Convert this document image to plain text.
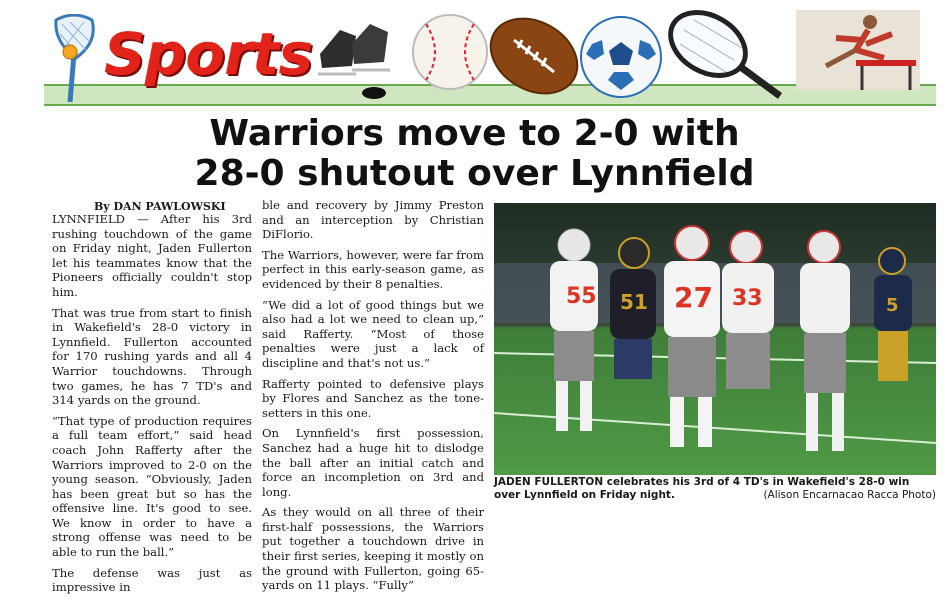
Sports
Warriors move to 2-0 with
28-0 shutout over Lynnfield
By DAN PAWLOWSKI

LYNNFIELD — After his 3rd rushing touchdown of the game on Friday night, Jaden Fullerton let his teammates know that the Pioneers officially couldn't stop him.

That was true from start to finish in Wakefield's 28-0 victory in Lynnfield. Fullerton accounted for 170 rushing yards and all 4 Warrior touchdowns. Through two games, he has 7 TD's and 314 yards on the ground.

“That type of production requires a full team effort,” said head coach John Rafferty after the Warriors improved to 2-0 on the young season. “Obviously, Jaden has been great but so has the offensive line. It's good to see. We know in order to have a strong offense was need to be able to run the ball.”

The defense was just as impressive in

ble and recovery by Jimmy Preston and an interception by Christian DiFlorio.

The Warriors, however, were far from perfect in this early-season game, as evidenced by their 8 penalties.

“We did a lot of good things but we also had a lot we need to clean up,” said Rafferty. “Most of those penalties were just a lack of discipline and that's not us.”

Rafferty pointed to defensive plays by Flores and Sanchez as the tone-setters in this one.

On Lynnfield's first possession, Sanchez had a huge hit to dislodge the ball after an initial catch and force an incompletion on 3rd and long.

As they would on all three of their first-half possessions, the Warriors put together a touchdown drive in their first series, keeping it mostly on the ground with Fullerton, going 65-yards on 11 plays. “Fully”

55 51 27 33	5
JADEN FULLERTON celebrates his 3rd of 4 TD's in Wakefield's 28-0 win over Lynnfield on Friday night.	(Alison Encarnacao Racca Photo)
